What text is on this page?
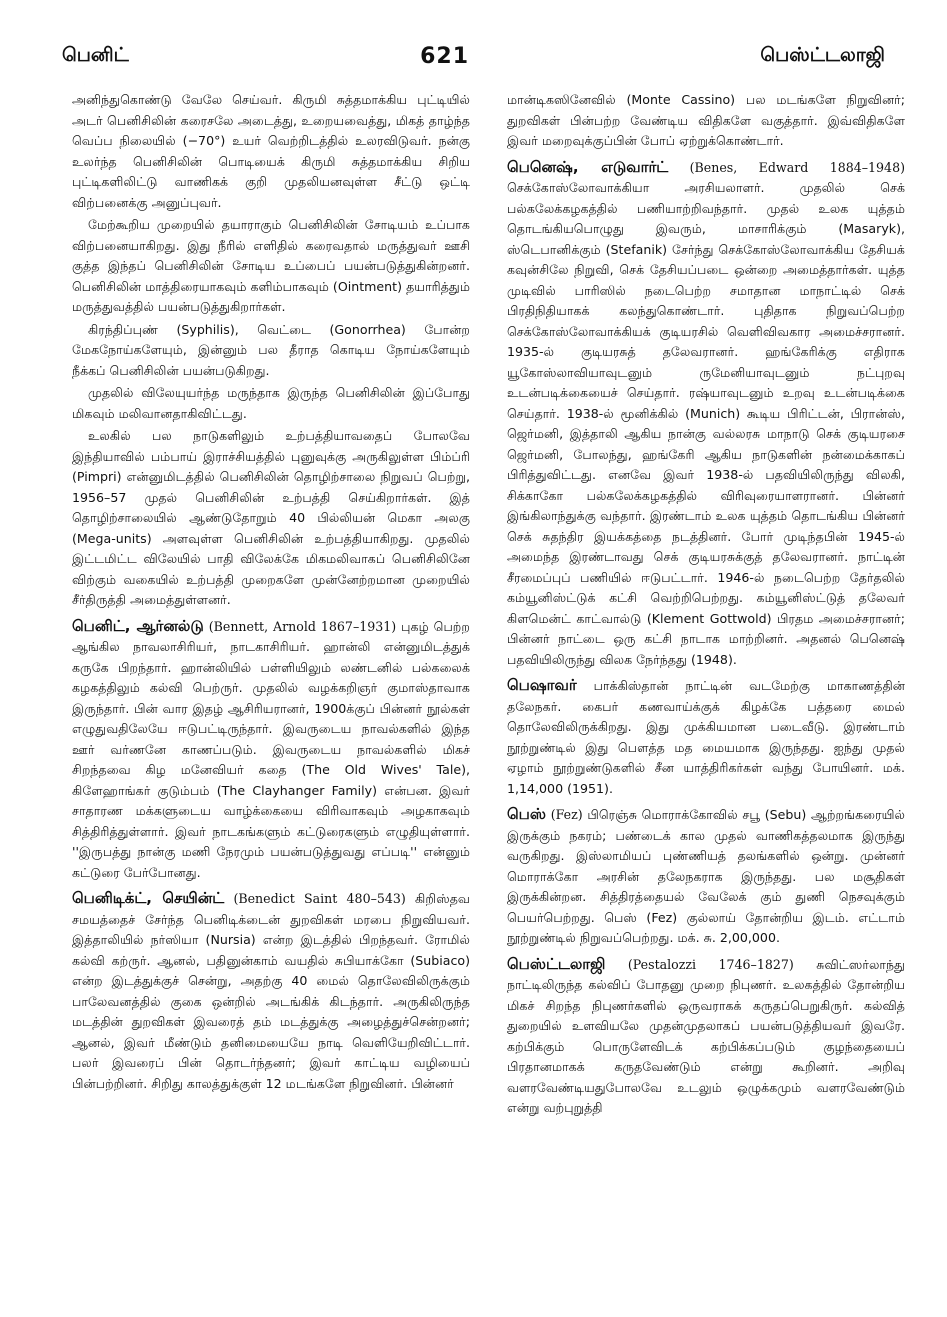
பெனிட்	621	பெஸ்ட்டலாஜி

அனிந்துகொண்டு வேலே செய்வர். கிருமி சுத்தமாக்கிய புட்டியில் அடர் பெனிசிலின் கரைசலே அடைத்து, உறையவைத்து, மிகத் தாழ்ந்த வெப்ப நிலையில் (−70°) உயர் வெற்றிடத்தில் உலரவிடுவர். நன்கு உலர்ந்த பெனிசிலின் பொடியைக் கிருமி சுத்தமாக்கிய சிறிய புட்டிகளிலிட்டு வாணிகக் குறி முதலியனவுள்ள சீட்டு ஒட்டி விற்பனைக்கு அனுப்புவர்.

மேற்கூறிய முறையில் தயாராகும் பெனிசிலின் சோடியம் உப்பாக விற்பனையாகிறது. இது நீரில் எளிதில் கரைவதால் மருத்துவர் ஊசி குத்த இந்தப் பெனிசிலின் சோடிய உப்பைப் பயன்படுத்துகின்றனர். பெனிசிலின் மாத்திரையாகவும் களிம்பாகவும் (Ointment) தயாரித்தும் மருத்துவத்தில் பயன்படுத்துகிறார்கள்.

கிரந்திப்புண் (Syphilis), வெட்டை (Gonorrhea) போன்ற மேகநோய்களேயும், இன்னும் பல தீராத கொடிய நோய்களேயும் நீக்கப் பெனிசிலின் பயன்படுகிறது.

முதலில் விலேயுயர்ந்த மருந்தாக இருந்த பெனிசிலின் இப்போது மிகவும் மலிவானதாகிவிட்டது.

உலகில் பல நாடுகளிலும் உற்பத்தியாவதைப் போலவே இந்தியாவில் பம்பாய் இராச்சியத்தில் புனுவுக்கு அருகிலுள்ள பிம்ப்ரி (Pimpri) என்னுமிடத்தில் பெனிசிலின் தொழிற்சாலை நிறுவப் பெற்று, 1956–57 முதல் பெனிசிலின் உற்பத்தி செய்கிறார்கள். இத் தொழிற்சாலையில் ஆண்டுதோறும் 40 பில்லியன் மெகா அலகு (Mega-units) அளவுள்ள பெனிசிலின் உற்பத்தியாகிறது. முதலில் இட்டமிட்ட விலேயில் பாதி விலேக்கே மிகமலிவாகப் பெனிசிலினே விற்கும் வகையில் உற்பத்தி முறைகளே முன்னேற்றமான முறையில் சீர்திருத்தி அமைத்துள்ளனர்.

பெனிட், ஆர்னல்டு (Bennett, Arnold 1867–1931) புகழ் பெற்ற ஆங்கில நாவலாசிரியர், நாடகாசிரியர். ஹான்லி என்னுமிடத்துக் கருகே பிறந்தார். ஹான்லியில் பள்ளியிலும் லண்டனில் பல்கலைக் கழகத்திலும் கல்வி பெற்ருர். முதலில் வழக்கறிஞர் குமாஸ்தாவாக இருந்தார். பின் வார இதழ் ஆசிரியரானர், 1900க்குப் பின்னர் நூல்கள் எழுதுவதிலேயே ஈடுபட்டிருந்தார். இவருடைய நாவல்களில் இந்த ஊர் வர்ணனே காணப்படும். இவருடைய நாவல்களில் மிகச் சிறந்தவை கிழ மனேவியர் கதை (The Old Wives' Tale), கிளேஹாங்கர் குடும்பம் (The Clayhanger Family) என்பன. இவர் சாதாரண மக்களுடைய வாழ்க்கையை விரிவாகவும் அழகாகவும் சித்திரித்துள்ளார். இவர் நாடகங்களும் கட்டுரைகளும் எழுதியுள்ளார். ''இருபத்து நான்கு மணி நேரமும் பயன்படுத்துவது எப்படி'' என்னும் கட்டுரை பேர்போனது.

பெனிடிக்ட், செயின்ட் (Benedict Saint 480–543) கிறிஸ்தவ சமயத்தைச் சேர்ந்த பெனிடிக்டைன் துறவிகள் மரபை நிறுவியவர். இத்தாலியில் நர்ஸியா (Nursia) என்ற இடத்தில் பிறந்தவர். ரோமில் கல்வி கற்ருர். ஆனல், பதினுன்காம் வயதில் சுபியாக்கோ (Subiaco) என்ற இடத்துக்குச் சென்று, அதற்கு 40 மைல் தொலேவிலிருக்கும் பாலேவனத்தில் குகை ஒன்றில் அடங்கிக் கிடந்தார். அருகிலிருந்த மடத்தின் துறவிகள் இவரைத் தம் மடத்துக்கு அழைத்துச்சென்றனர்; ஆனல், இவர் மீண்டும் தனிமையையே நாடி வெளியேறிவிட்டார். பலர் இவரைப் பின் தொடர்ந்தனர்; இவர் காட்டிய வழியைப் பின்பற்றினர். சிறிது காலத்துக்குள் 12 மடங்களே நிறுவினர். பின்னர்

மான்டிகஸினேவில் (Monte Cassino) பல மடங்களே நிறுவினர்; துறவிகள் பின்பற்ற வேண்டிய விதிகளே வகுத்தார். இவ்விதிகளே இவர் மறைவுக்குப்பின் போப் ஏற்றுக்கொண்டார்.

பெனெஷ், எடுவார்ட் (Benes, Edward 1884–1948) செக்கோஸ்லோவாக்கியா அரசியலாளர். முதலில் செக் பல்கலேக்கழகத்தில் பணியாற்றிவந்தார். முதல் உலக யுத்தம் தொடங்கியபொழுது இவரும், மாசாரிக்கும் (Masaryk), ஸ்டெபானிக்கும் (Stefanik) சேர்ந்து செக்கோஸ்லோவாக்கிய தேசியக் கவுன்சிலே நிறுவி, செக் தேசியப்படை ஒன்றை அமைத்தார்கள். யுத்த முடிவில் பாரிஸில் நடைபெற்ற சமாதான மாநாட்டில் செக் பிரதிநிதியாகக் கலந்துகொண்டார். புதிதாக நிறுவப்பெற்ற செக்கோஸ்லோவாக்கியக் குடியரசில் வெளிவிவகார அமைச்சரானர். 1935-ல் குடியரசுத் தலேவரானர். ஹங்கேரிக்கு எதிராக யூகோஸ்லாவியாவுடனும் ருமேனியாவுடனும் நட்புறவு உடன்படிக்கையைச் செய்தார். ரஷ்யாவுடனும் உறவு உடன்படிக்கை செய்தார். 1938-ல் மூனிக்கில் (Munich) கூடிய பிரிட்டன், பிரான்ஸ், ஜெர்மனி, இத்தாலி ஆகிய நான்கு வல்லரசு மாநாடு செக் குடியரசை ஜெர்மனி, போலந்து, ஹங்கேரி ஆகிய நாடுகளின் நன்மைக்காகப் பிரித்துவிட்டது. எனவே இவர் 1938-ல் பதவியிலிருந்து விலகி, சிக்காகோ பல்கலேக்கழகத்தில் விரிவுரையாளரானர். பின்னர் இங்கிலாந்துக்கு வந்தார். இரண்டாம் உலக யுத்தம் தொடங்கிய பின்னர் செக் சுதந்திர இயக்கத்தை நடத்தினர். போர் முடிந்தபின் 1945-ல் அமைந்த இரண்டாவது செக் குடியரசுக்குத் தலேவரானர். நாட்டின் சீரமைப்புப் பணியில் ஈடுபட்டார். 1946-ல் நடைபெற்ற தேர்தலில் கம்யூனிஸ்ட்டுக் கட்சி வெற்றிபெற்றது. கம்யூனிஸ்ட்டுத் தலேவர் கிளமென்ட் காட்வால்டு (Klement Gottwold) பிரதம அமைச்சரானர்; பின்னர் நாட்டை ஒரு கட்சி நாடாக மாற்றினர். அதனல் பெனெஷ் பதவியிலிருந்து விலக நேர்ந்தது (1948).

பெஷாவர் பாக்கிஸ்தான் நாட்டின் வடமேற்கு மாகாணத்தின் தலேநகர். கைபர் கணவாய்க்குக் கிழக்கே பத்தரை மைல் தொலேவிலிருக்கிறது. இது முக்கியமான படைவீடு. இரண்டாம் நூற்றுண்டில் இது பௌத்த மத மையமாக இருந்தது. ஐந்து முதல் ஏழாம் நூற்றுண்டுகளில் சீன யாத்திரிகர்கள் வந்து போயினர். மக். 1,14,000 (1951).

பெஸ் (Fez) பிரெஞ்சு மொராக்கோவில் சபூ (Sebu) ஆற்றங்கரையில் இருக்கும் நகரம்; பண்டைக் கால முதல் வாணிகத்தலமாக இருந்து வருகிறது. இஸ்லாமியப் புண்ணியத் தலங்களில் ஒன்று. முன்னர் மொராக்கோ அரசின் தலேநகராக இருந்தது. பல மசூதிகள் இருக்கின்றன. சித்திரத்தையல் வேலேக் கும் துணி நெசவுக்கும் பெயர்பெற்றது. பெஸ் (Fez) குல்லாய் தோன்றிய இடம். எட்டாம் நூற்றுண்டில் நிறுவப்பெற்றது. மக். சு. 2,00,000.

பெஸ்ட்டலாஜி (Pestalozzi 1746–1827) சுவிட்ஸர்லாந்து நாட்டிலிருந்த கல்விப் போதனு முறை நிபுணர். உலகத்தில் தோன்றிய மிகச் சிறந்த நிபுணர்களில் ஒருவராகக் கருதப்பெறுகிருர். கல்வித் துறையில் உளவியலே முதன்முதலாகப் பயன்படுத்தியவர் இவரே. கற்பிக்கும் பொருளேவிடக் கற்பிக்கப்படும் குழந்தையைப் பிரதானமாகக் கருதவேண்டும் என்று கூறினர். அறிவு வளரவேண்டியதுபோலவே உடலும் ஒழுக்கமும் வளரவேண்டும் என்று வற்புறுத்தி
